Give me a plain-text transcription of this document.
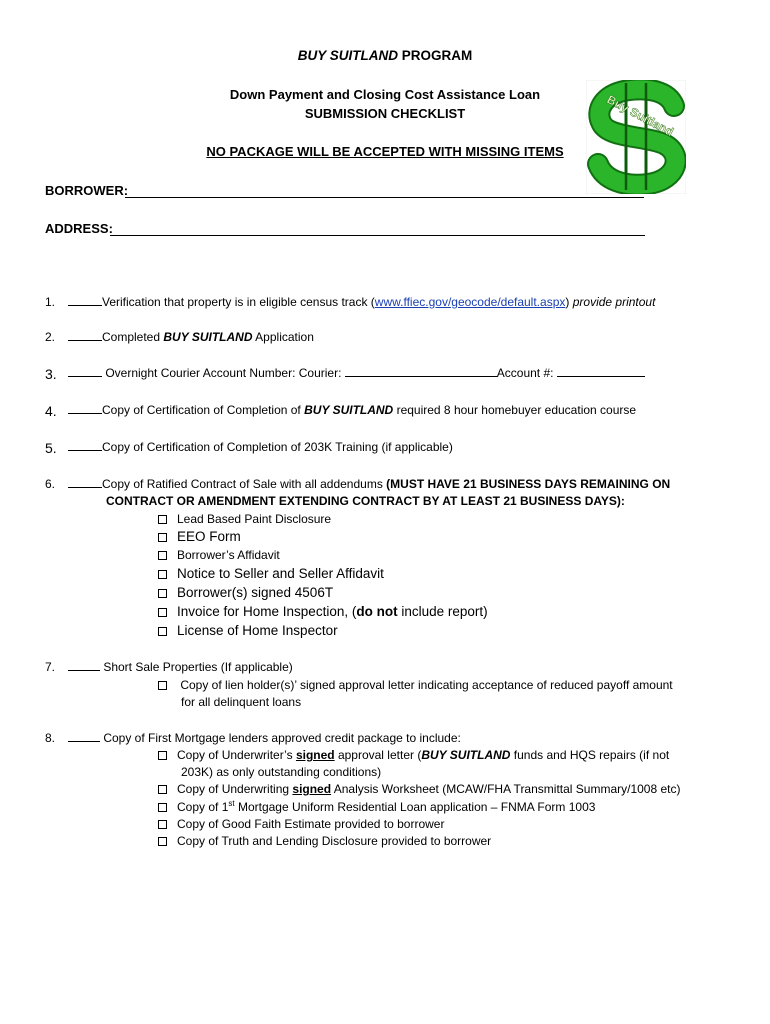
BUY SUITLAND PROGRAM
Down Payment and Closing Cost Assistance Loan
SUBMISSION CHECKLIST
NO PACKAGE WILL BE ACCEPTED WITH MISSING ITEMS
Buy Suitland
BORROWER:
ADDRESS:
1.	Verification that property is in eligible census track (www.ffiec.gov/geocode/default.aspx) provide printout
2.	Completed BUY SUITLAND Application
3.	Overnight Courier Account Number: Courier:	Account #:
4.	Copy of Certification of Completion of BUY SUITLAND required 8 hour homebuyer education course
5.	Copy of Certification of Completion of 203K Training (if applicable)
6.	Copy of Ratified Contract of Sale with all addendums (MUST HAVE 21 BUSINESS DAYS REMAINING ON
CONTRACT OR AMENDMENT EXTENDING CONTRACT BY AT LEAST 21 BUSINESS DAYS):
Lead Based Paint Disclosure
EEO Form
Borrower’s Affidavit
Notice to Seller and Seller Affidavit
Borrower(s) signed 4506T
Invoice for Home Inspection, (do not include report)
License of Home Inspector
7.	Short Sale Properties (If applicable)
Copy of lien holder(s)’ signed approval letter indicating acceptance of reduced payoff amount
for all delinquent loans
8.	Copy of First Mortgage lenders approved credit package to include:
Copy of Underwriter’s signed approval letter (BUY SUITLAND funds and HQS repairs (if not
203K) as only outstanding conditions)
Copy of Underwriting signed Analysis Worksheet (MCAW/FHA Transmittal Summary/1008 etc)
Copy of 1st Mortgage Uniform Residential Loan application – FNMA Form 1003
Copy of Good Faith Estimate provided to borrower
Copy of Truth and Lending Disclosure provided to borrower
